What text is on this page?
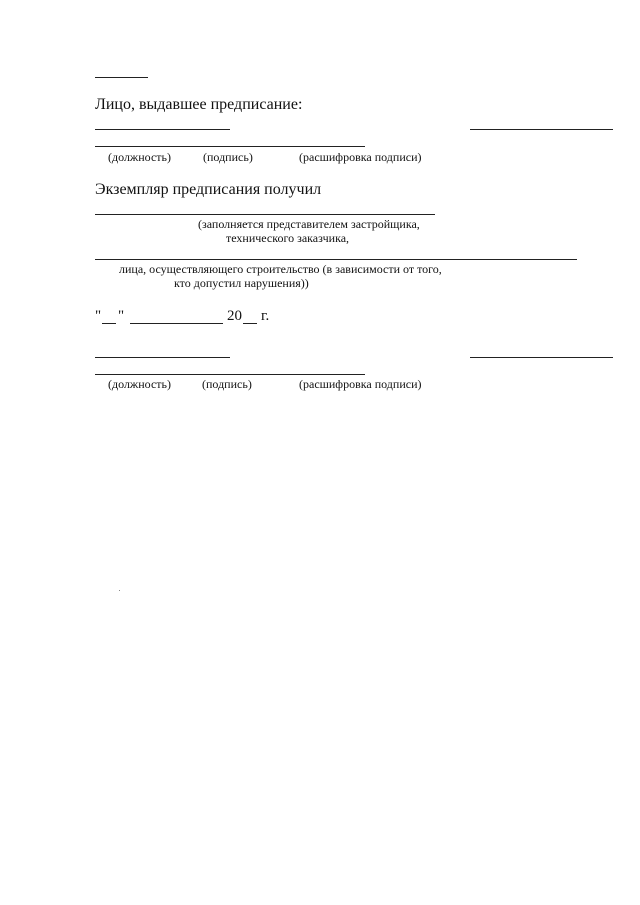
Лицо, выдавшее предписание:
(должность)	(подпись)	(расшифровка подписи)
Экземпляр предписания получил
(заполняется представителем застройщика,
технического заказчика,
лица, осуществляющего строительство (в зависимости от того,
кто допустил нарушения))
" "	20 г.
(должность)	(подпись)	(расшифровка подписи)
